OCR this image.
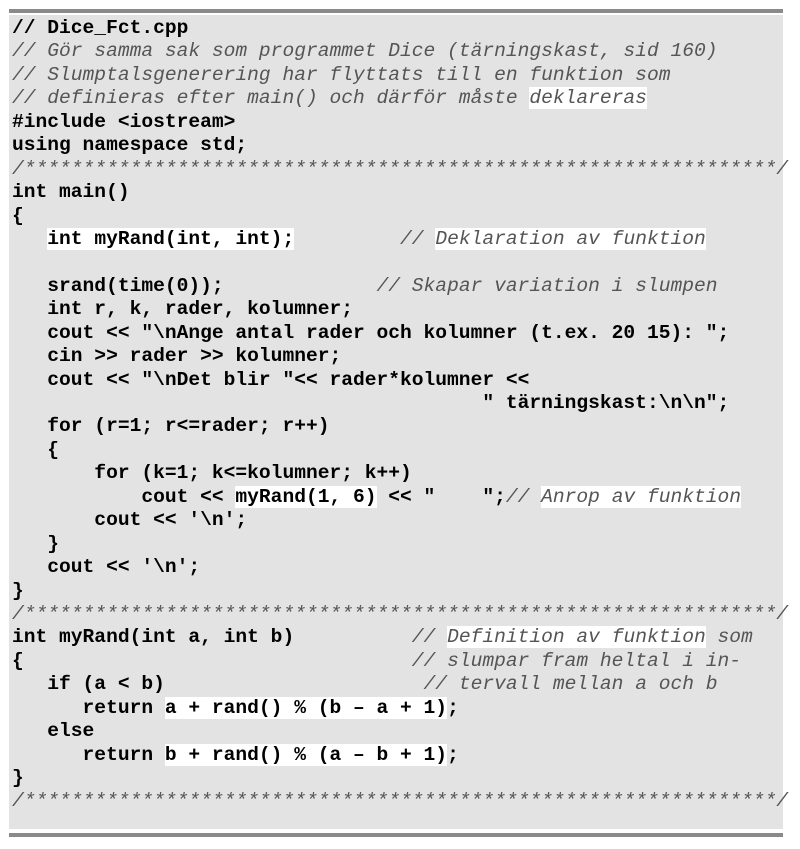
// Dice_Fct.cpp
// Gör samma sak som programmet Dice (tärningskast, sid 160)
// Slumptalsgenerering har flyttats till en funktion som
// definieras efter main() och därför måste deklareras
#include <iostream>
using namespace std;
/****************************************************************/
int main()
{
int myRand(int, int);	// Deklaration av funktion

srand(time(0));	// Skapar variation i slumpen
int r, k, rader, kolumner;
cout << "\nAnge antal rader och kolumner (t.ex. 20 15): ";
cin >> rader >> kolumner;
cout << "\nDet blir "<< rader*kolumner <<
" tärningskast:\n\n";
for (r=1; r<=rader; r++)
{
for (k=1; k<=kolumner; k++)
cout << myRand(1, 6) << "    ";// Anrop av funktion
cout << '\n';
}
cout << '\n';
}
/****************************************************************/
int myRand(int a, int b)	// Definition av funktion som
{	// slumpar fram heltal i in-
if (a < b)	// tervall mellan a och b
return a + rand() % (b – a + 1);
else
return b + rand() % (a – b + 1);
}
/****************************************************************/
